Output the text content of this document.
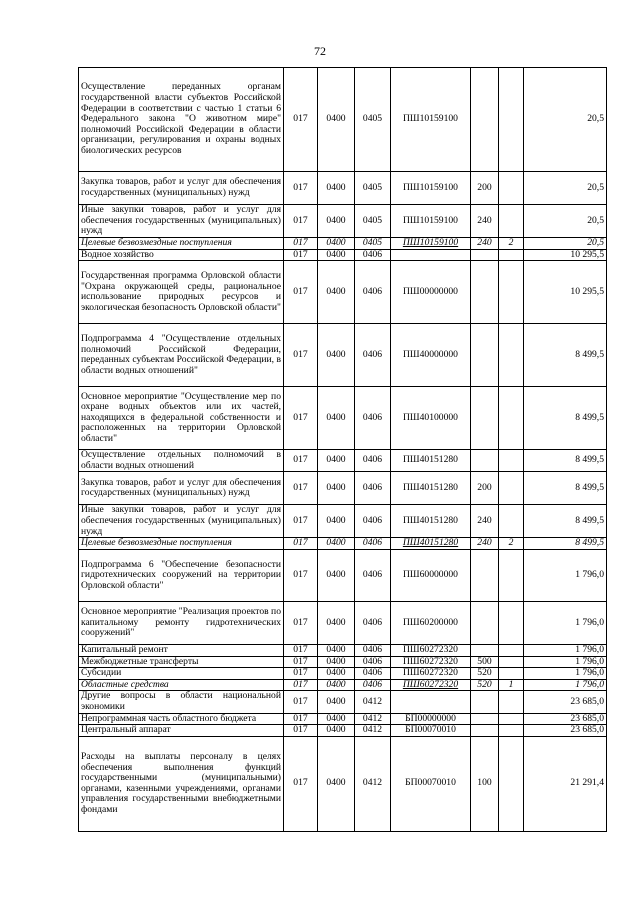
72
Осуществление переданных органам государственной власти субъектов Российской Федерации в соответствии с частью 1 статьи 6 Федерального закона "О животном мире" полномочий Российской Федерации в области организации, регулирования и охраны водных биологических ресурсов	017	0400	0405	ПШ10159100			20,5
Закупка товаров, работ и услуг для обеспечения государственных (муниципальных) нужд	017	0400	0405	ПШ10159100	200		20,5
Иные закупки товаров, работ и услуг для обеспечения государственных (муниципальных) нужд	017	0400	0405	ПШ10159100	240		20,5
Целевые безвозмездные поступления	017	0400	0405	ПШ10159100	240	2	20,5
Водное хозяйство	017	0400	0406				10 295,5
Государственная программа Орловской области "Охрана окружающей среды, рациональное использование природных ресурсов и экологическая безопасность Орловской области"	017	0400	0406	ПШ00000000			10 295,5
Подпрограмма 4 "Осуществление отдельных полномочий Российской Федерации, переданных субъектам Российской Федерации, в области водных отношений"	017	0400	0406	ПШ40000000			8 499,5
Основное мероприятие "Осуществление мер по охране водных объектов или их частей, находящихся в федеральной собственности и расположенных на территории Орловской области"	017	0400	0406	ПШ40100000			8 499,5
Осуществление отдельных полномочий в области водных отношений	017	0400	0406	ПШ40151280			8 499,5
Закупка товаров, работ и услуг для обеспечения государственных (муниципальных) нужд	017	0400	0406	ПШ40151280	200		8 499,5
Иные закупки товаров, работ и услуг для обеспечения государственных (муниципальных) нужд	017	0400	0406	ПШ40151280	240		8 499,5
Целевые безвозмездные поступления	017	0400	0406	ПШ40151280	240	2	8 499,5
Подпрограмма 6 "Обеспечение безопасности гидротехнических сооружений на территории Орловской области"	017	0400	0406	ПШ60000000			1 796,0
Основное мероприятие "Реализация проектов по капитальному ремонту гидротехнических сооружений"	017	0400	0406	ПШ60200000			1 796,0
Капитальный ремонт	017	0400	0406	ПШ60272320			1 796,0
Межбюджетные трансферты	017	0400	0406	ПШ60272320	500		1 796,0
Субсидии	017	0400	0406	ПШ60272320	520		1 796,0
Областные средства	017	0400	0406	ПШ60272320	520	1	1 796,0
Другие вопросы в области национальной экономики	017	0400	0412				23 685,0
Непрограммная часть областного бюджета	017	0400	0412	БП00000000			23 685,0
Центральный аппарат	017	0400	0412	БП00070010			23 685,0
Расходы на выплаты персоналу в целях обеспечения выполнения функций государственными (муниципальными) органами, казенными учреждениями, органами управления государственными внебюджетными фондами	017	0400	0412	БП00070010	100		21 291,4
